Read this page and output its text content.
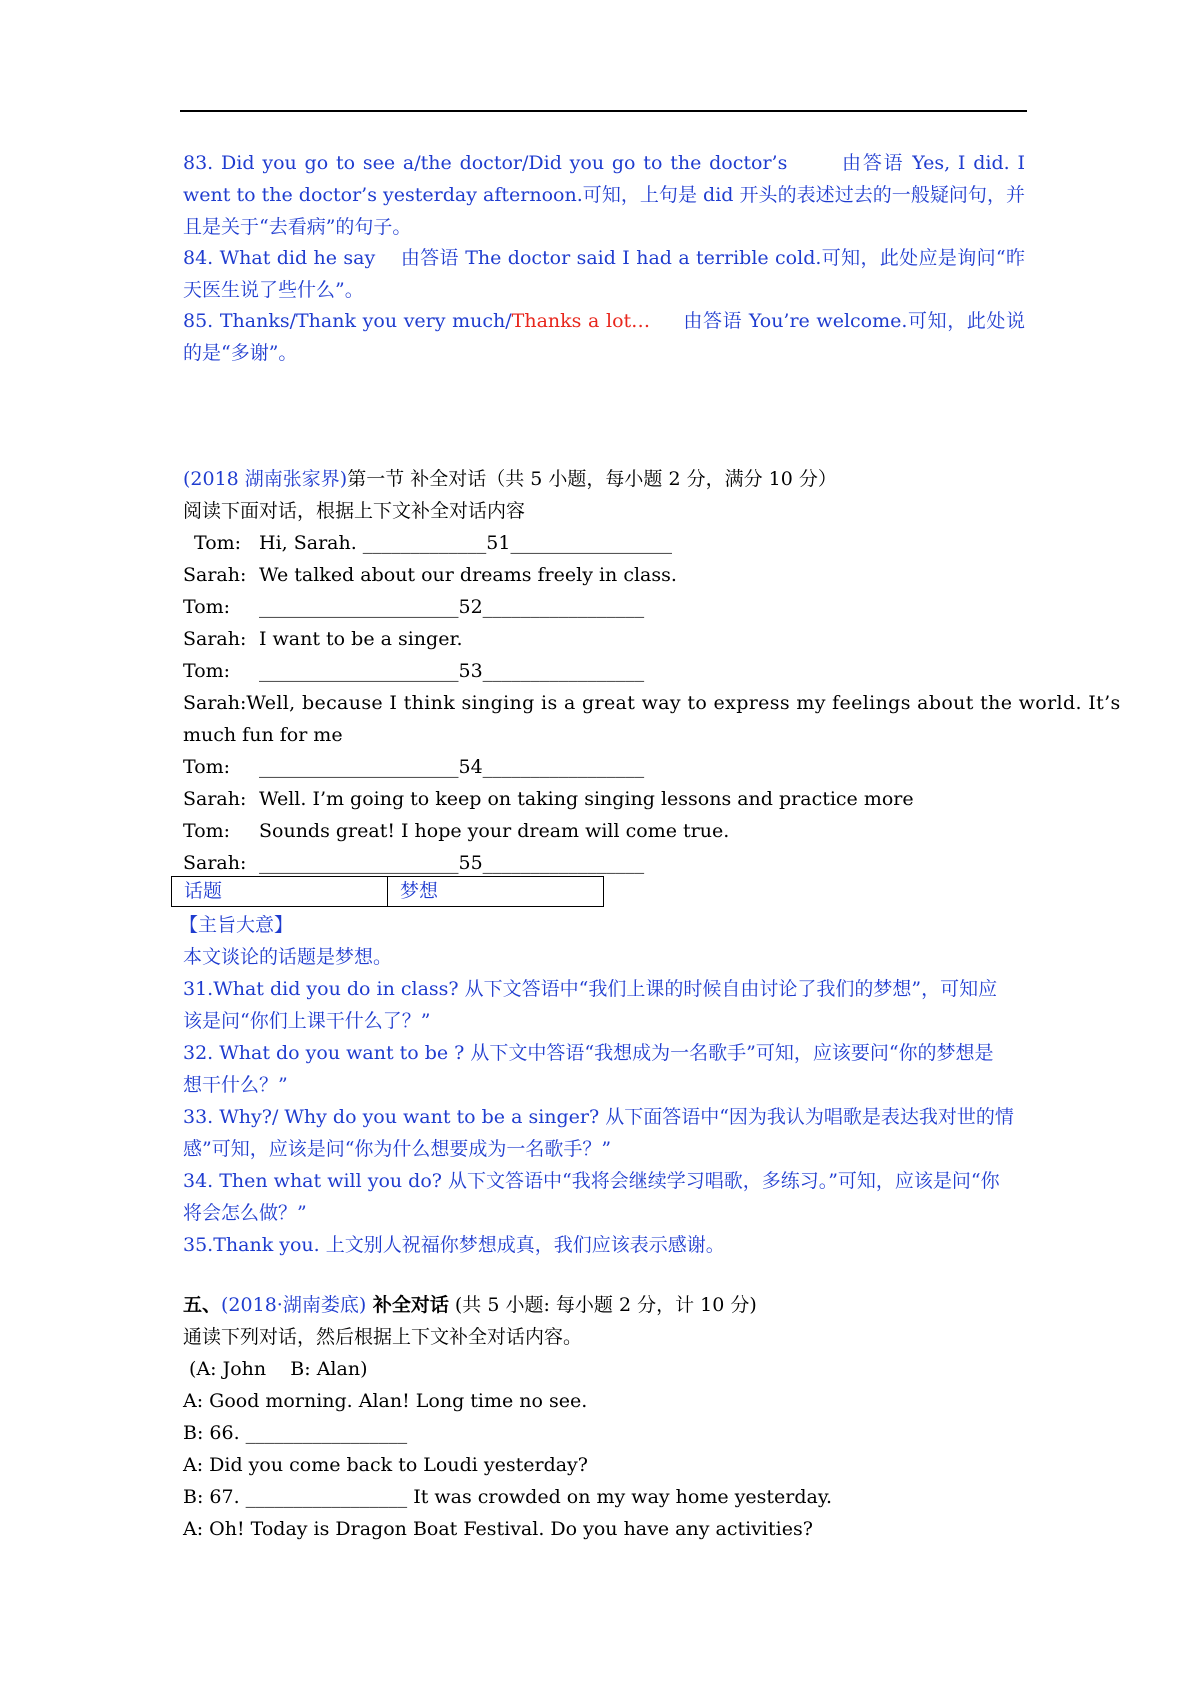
83. Did you go to see a/the doctor/Did you go to the doctor’s	由答语 Yes, I did. I went to the doctor’s yesterday afternoon.可知，上句是 did 开头的表述过去的一般疑问句，并且是关于“去看病”的句子。
84. What did he say 由答语 The doctor said I had a terrible cold.可知，此处应是询问“昨天医生说了些什么”。
85. Thanks/Thank you very much/Thanks a lot… 由答语 You’re welcome.可知，此处说的是“多谢”。
(2018 湖南张家界)第一节 补全对话（共 5 小题，每小题 2 分，满分 10 分）
阅读下面对话，根据上下文补全对话内容
Tom: Hi, Sarah. _____________51_________________
Sarah: We talked about our dreams freely in class.
Tom:	_____________________52_________________
Sarah: I want to be a singer.
Tom:	_____________________53_________________
Sarah: Well, because I think singing is a great way to express my feelings about the world. It’s
much fun for me
Tom:	_____________________54_________________
Sarah: Well. I’m going to keep on taking singing lessons and practice more
Tom:	Sounds great! I hope your dream will come true.
Sarah: _____________________55_________________
话题	梦想
【主旨大意】
本文谈论的话题是梦想。
31.What did you do in class? 从下文答语中“我们上课的时候自由讨论了我们的梦想”，可知应
该是问“你们上课干什么了？”
32. What do you want to be ? 从下文中答语“我想成为一名歌手”可知，应该要问“你的梦想是
想干什么？”
33. Why?/ Why do you want to be a singer? 从下面答语中“因为我认为唱歌是表达我对世的情
感”可知，应该是问“你为什么想要成为一名歌手？”
34. Then what will you do? 从下文答语中“我将会继续学习唱歌，多练习。”可知，应该是问“你
将会怎么做？”
35.Thank you. 上文别人祝福你梦想成真，我们应该表示感谢。
五、(2018·湖南娄底) 补全对话 (共 5 小题: 每小题 2 分，计 10 分)
通读下列对话，然后根据上下文补全对话内容。
(A: John    B: Alan)
A: Good morning. Alan! Long time no see.
B: 66. _________________
A: Did you come back to Loudi yesterday?
B: 67. _________________ It was crowded on my way home yesterday.
A: Oh! Today is Dragon Boat Festival. Do you have any activities?
